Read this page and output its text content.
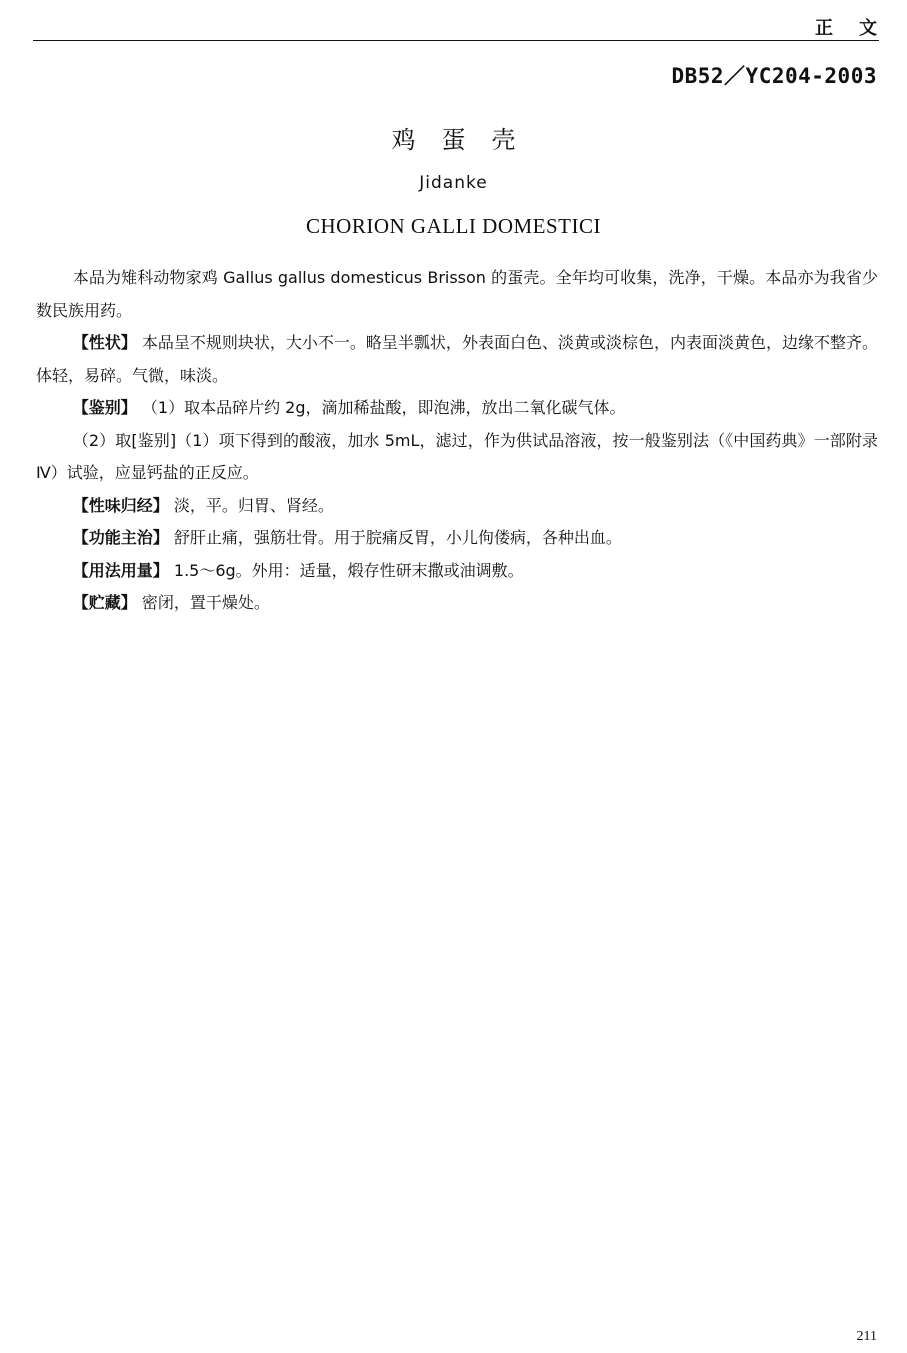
正文
DB52／YC204-2003
鸡蛋壳
Jidanke
CHORION GALLI DOMESTICI

本品为雉科动物家鸡 Gallus gallus domesticus Brisson 的蛋壳。全年均可收集，洗净，干燥。本品亦为我省少数民族用药。

【性状】 本品呈不规则块状，大小不一。略呈半瓢状，外表面白色、淡黄或淡棕色，内表面淡黄色，边缘不整齐。体轻，易碎。气微，味淡。

【鉴别】 （1）取本品碎片约 2g，滴加稀盐酸，即泡沸，放出二氧化碳气体。

（2）取[鉴别]（1）项下得到的酸液，加水 5mL，滤过，作为供试品溶液，按一般鉴别法（《中国药典》一部附录Ⅳ）试验，应显钙盐的正反应。

【性味归经】 淡，平。归胃、肾经。

【功能主治】 舒肝止痛，强筋壮骨。用于脘痛反胃，小儿佝偻病，各种出血。

【用法用量】 1.5～6g。外用：适量，煅存性研末撒或油调敷。

【贮藏】 密闭，置干燥处。

211
